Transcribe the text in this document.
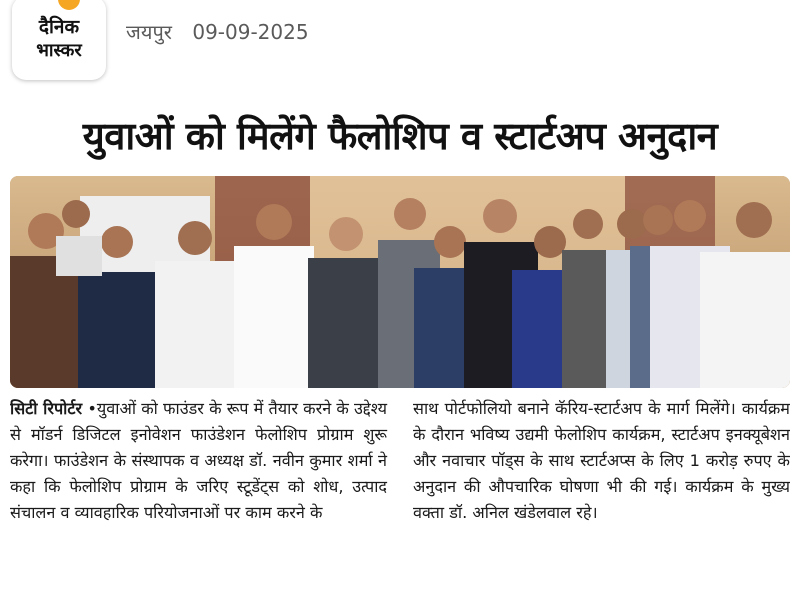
दैनिक
भास्कर
जयपुर 09-09-2025
युवाओं को मिलेंगे फैलोशिप व स्टार्टअप अनुदान
सिटी रिपोर्टर •युवाओं को फाउंडर के रूप में तैयार करने के उद्देश्य से मॉडर्न डिजिटल इनोवेशन फाउंडेशन फेलोशिप प्रोग्राम शुरू करेगा। फाउंडेशन के संस्थापक व अध्यक्ष डॉ. नवीन कुमार शर्मा ने कहा कि फेलोशिप प्रोग्राम के जरिए स्टूडेंट्स को शोध, उत्पाद संचालन व व्यावहारिक परियोजनाओं पर काम करने के
साथ पोर्टफोलियो बनाने कॅरिय-स्टार्टअप के मार्ग मिलेंगे। कार्यक्रम के दौरान भविष्य उद्यमी फेलोशिप कार्यक्रम, स्टार्टअप इनक्यूबेशन और नवाचार पॉड्स के साथ स्टार्टअप्स के लिए 1 करोड़ रुपए के अनुदान की औपचारिक घोषणा भी की गई। कार्यक्रम के मुख्य वक्ता डॉ. अनिल खंडेलवाल रहे।
